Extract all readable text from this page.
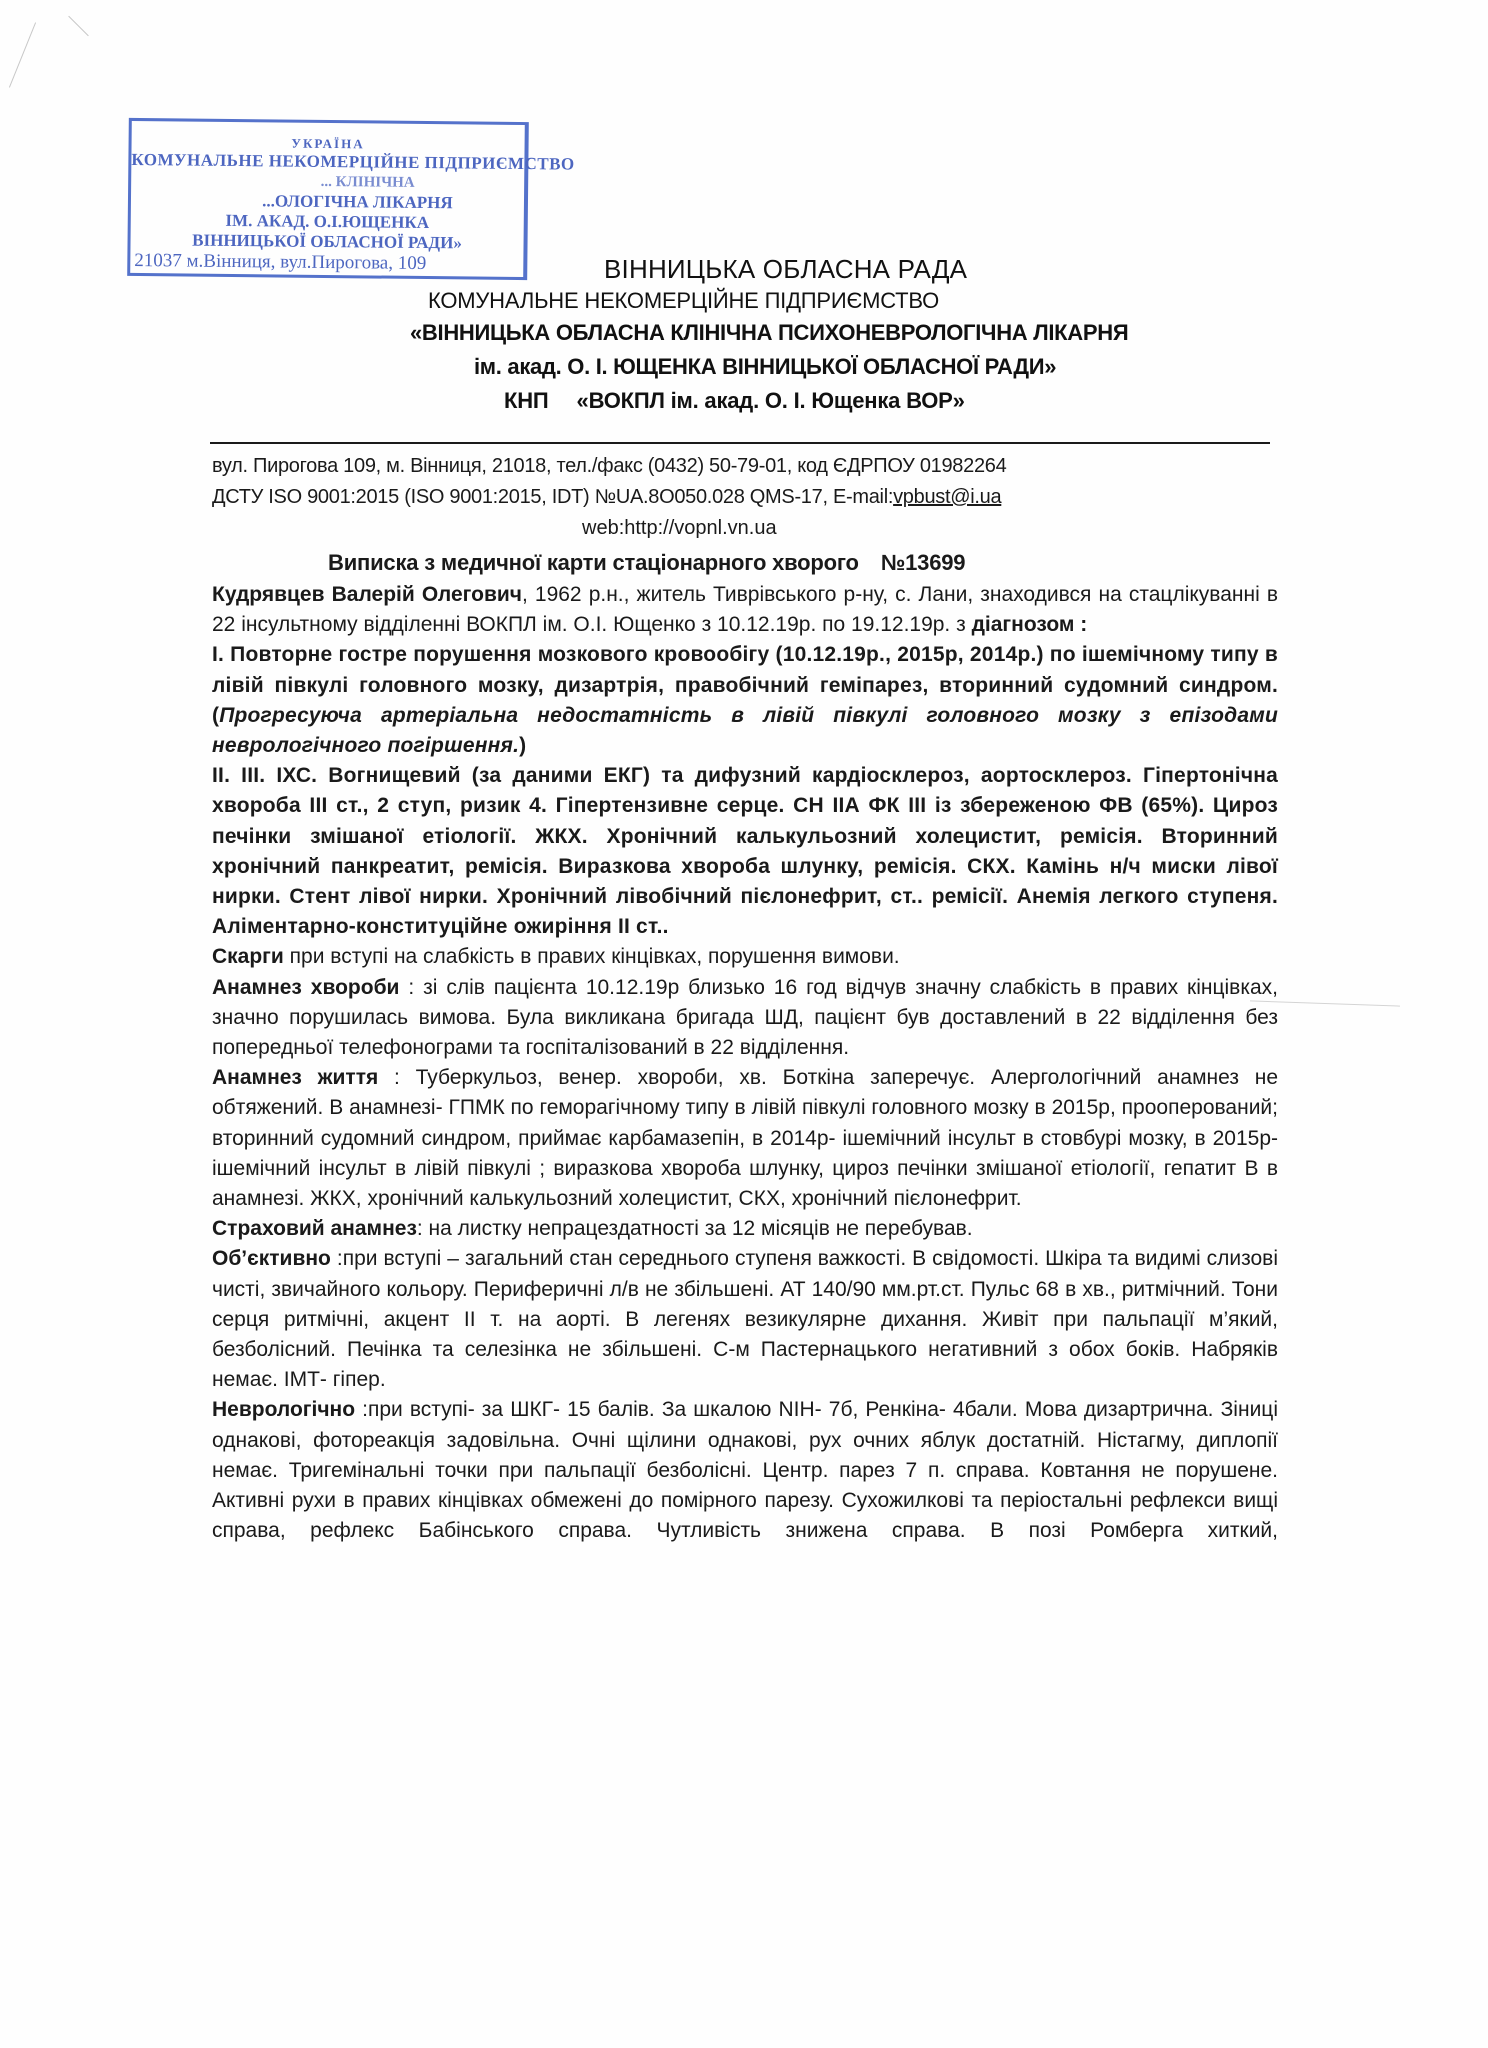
УКРАЇНА
КОМУНАЛЬНЕ НЕКОМЕРЦІЙНЕ ПІДПРИЄМСТВО
... КЛІНІЧНА
...ОЛОГІЧНА ЛІКАРНЯ
ІМ. АКАД. О.І.ЮЩЕНКА
ВІННИЦЬКОЇ ОБЛАСНОЇ РАДИ»
21037 м.Вінниця, вул.Пирогова, 109	ВІННИЦЬКА ОБЛАСНА РАДА
КОМУНАЛЬНЕ НЕКОМЕРЦІЙНЕ ПІДПРИЄМСТВО
«ВІННИЦЬКА ОБЛАСНА КЛІНІЧНА ПСИХОНЕВРОЛОГІЧНА ЛІКАРНЯ
ім. акад. О. І. ЮЩЕНКА ВІННИЦЬКОЇ ОБЛАСНОЇ РАДИ»
КНП «ВОКПЛ ім. акад. О. І. Ющенка ВОР»
вул. Пирогова 109, м. Вінниця, 21018, тел./факс (0432) 50-79-01, код ЄДРПОУ 01982264
ДСТУ ISO 9001:2015 (ISO 9001:2015, IDT) №UA.8O050.028 QMS-17, E-mail:vpbust@i.ua
web:http://vopnl.vn.ua
Виписка з медичної карти стаціонарного хворого №13699

Кудрявцев Валерій Олегович, 1962 р.н., житель Тиврівського р-ну, с. Лани, знаходився на стацлікуванні в 22 інсультному відділенні ВОКПЛ ім. О.І. Ющенко з 10.12.19р. по 19.12.19р. з діагнозом :

І. Повторне гостре порушення мозкового кровообігу (10.12.19р., 2015р, 2014р.) по ішемічному типу в лівій півкулі головного мозку, дизартрія, правобічний геміпарез, вторинний судомний синдром. (Прогресуюча артеріальна недостатність в лівій півкулі головного мозку з епізодами неврологічного погіршення.)

ІІ. ІІІ. ІХС. Вогнищевий (за даними ЕКГ) та дифузний кардіосклероз, аортосклероз. Гіпертонічна хвороба ІІІ ст., 2 ступ, ризик 4. Гіпертензивне серце. СН IIА ФК ІІІ із збереженою ФВ (65%). Цироз печінки змішаної етіології. ЖКХ. Хронічний калькульозний холецистит, ремісія. Вторинний хронічний панкреатит, ремісія. Виразкова хвороба шлунку, ремісія. СКХ. Камінь н/ч миски лівої нирки. Стент лівої нирки. Хронічний лівобічний пієлонефрит, ст.. ремісії. Анемія легкого ступеня. Аліментарно-конституційне ожиріння ІІ ст..

Скарги при вступі на слабкість в правих кінцівках, порушення вимови.

Анамнез хвороби : зі слів пацієнта 10.12.19р близько 16 год відчув значну слабкість в правих кінцівках, значно порушилась вимова. Була викликана бригада ШД, пацієнт був доставлений в 22 відділення без попередньої телефонограми та госпіталізований в 22 відділення.

Анамнез життя : Туберкульоз, венер. хвороби, хв. Боткіна заперечує. Алергологічний анамнез не обтяжений. В анамнезі- ГПМК по геморагічному типу в лівій півкулі головного мозку в 2015р, прооперований; вторинний судомний синдром, приймає карбамазепін, в 2014р- ішемічний інсульт в стовбурі мозку, в 2015р- ішемічний інсульт в лівій півкулі ; виразкова хвороба шлунку, цироз печінки змішаної етіології, гепатит В в анамнезі. ЖКХ, хронічний калькульозний холецистит, СКХ, хронічний пієлонефрит.

Страховий анамнез: на листку непрацездатності за 12 місяців не перебував.

Об’єктивно :при вступі – загальний стан середнього ступеня важкості. В свідомості. Шкіра та видимі слизові чисті, звичайного кольору. Периферичні л/в не збільшені. АТ 140/90 мм.рт.ст. Пульс 68 в хв., ритмічний. Тони серця ритмічні, акцент ІІ т. на аорті. В легенях везикулярне дихання. Живіт при пальпації м’який, безболісний. Печінка та селезінка не збільшені. С-м Пастернацького негативний з обох боків. Набряків немає. ІМТ- гіпер.

Неврологічно :при вступі- за ШКГ- 15 балів. За шкалою NIH- 7б, Ренкіна- 4бали. Мова дизартрична. Зіниці однакові, фотореакція задовільна. Очні щілини однакові, рух очних яблук достатній. Ністагму, диплопії немає. Тригемінальні точки при пальпації безболісні. Центр. парез 7 п. справа. Ковтання не порушене. Активні рухи в правих кінцівках обмежені до помірного парезу. Сухожилкові та періостальні рефлекси вищі справа, рефлекс Бабінського справа. Чутливість знижена справа. В позі Ромберга хиткий,
